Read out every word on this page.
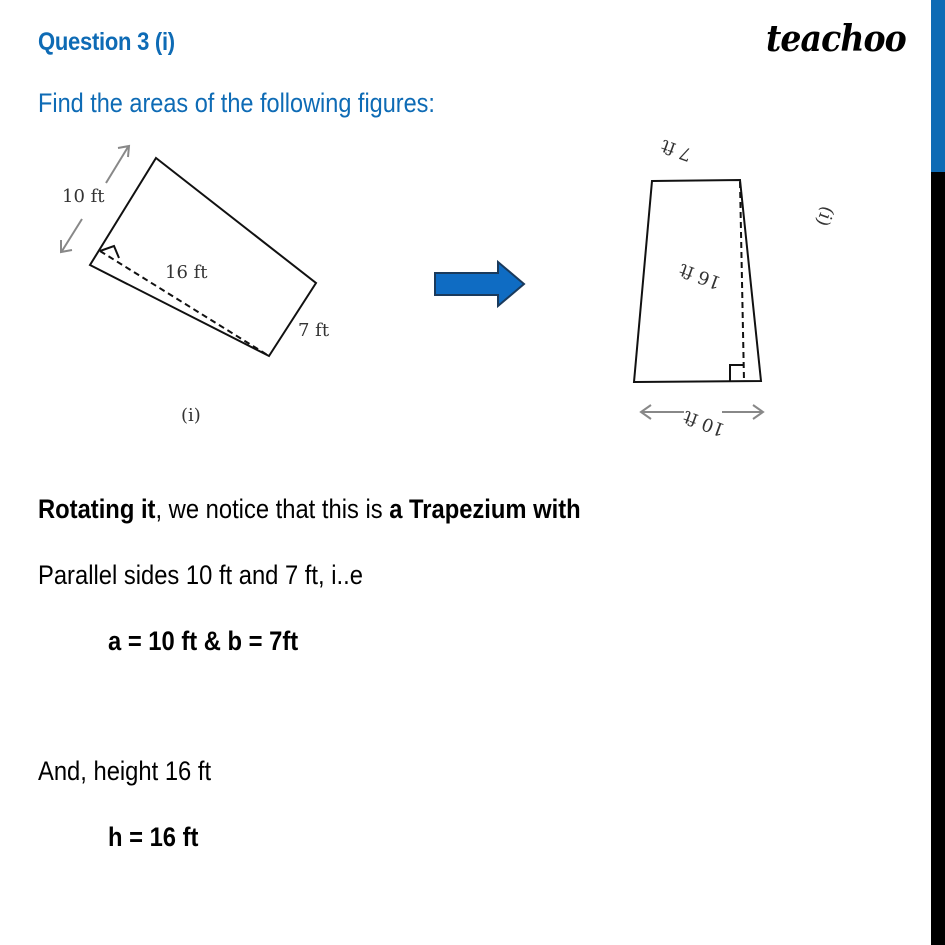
Question 3 (i)	teachoo
Find the areas of the following figures:
10 ft
16 ft
7 ft
(i)
7 ft
16 ft
10 ft
(i)
Rotating it, we notice that this is a Trapezium with
Parallel sides 10 ft and 7 ft, i..e
a = 10 ft & b = 7ft
And, height 16 ft
h = 16 ft
